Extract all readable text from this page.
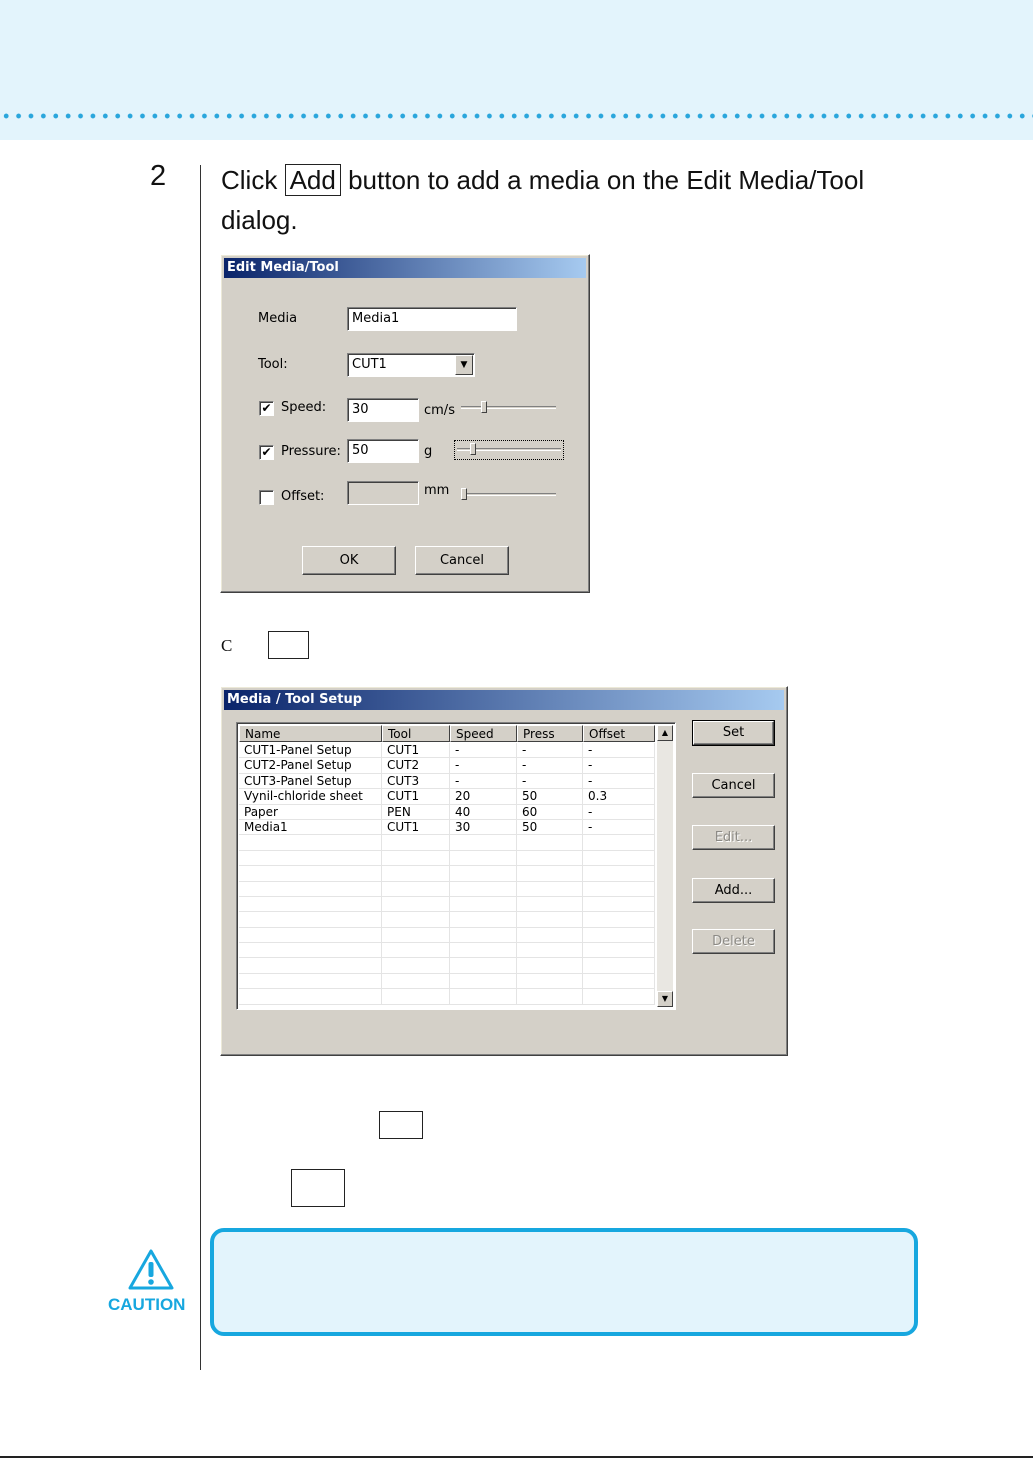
2 Click Add button to add a media on the Edit Media/Tool dialog.
Edit Media/Tool
Media	Media1
Tool:	CUT1	▼
✔ Speed:	30	cm/s
✔ Pressure: 50	g
Offset:	mm
OK	Cancel
C
Media / Tool Setup
Name	Tool	Speed	Press	Offset
CUT1-Panel Setup	CUT1	-	-	-
CUT2-Panel Setup	CUT2	-	-	-
CUT3-Panel Setup	CUT3	-	-	-
Vynil-chloride sheet	CUT1	20	50	0.3
Paper	PEN	40	60	-
Media1	CUT1	30	50	-
▲
▼
Set
Cancel
Edit...
Add...
Delete
CAUTION
